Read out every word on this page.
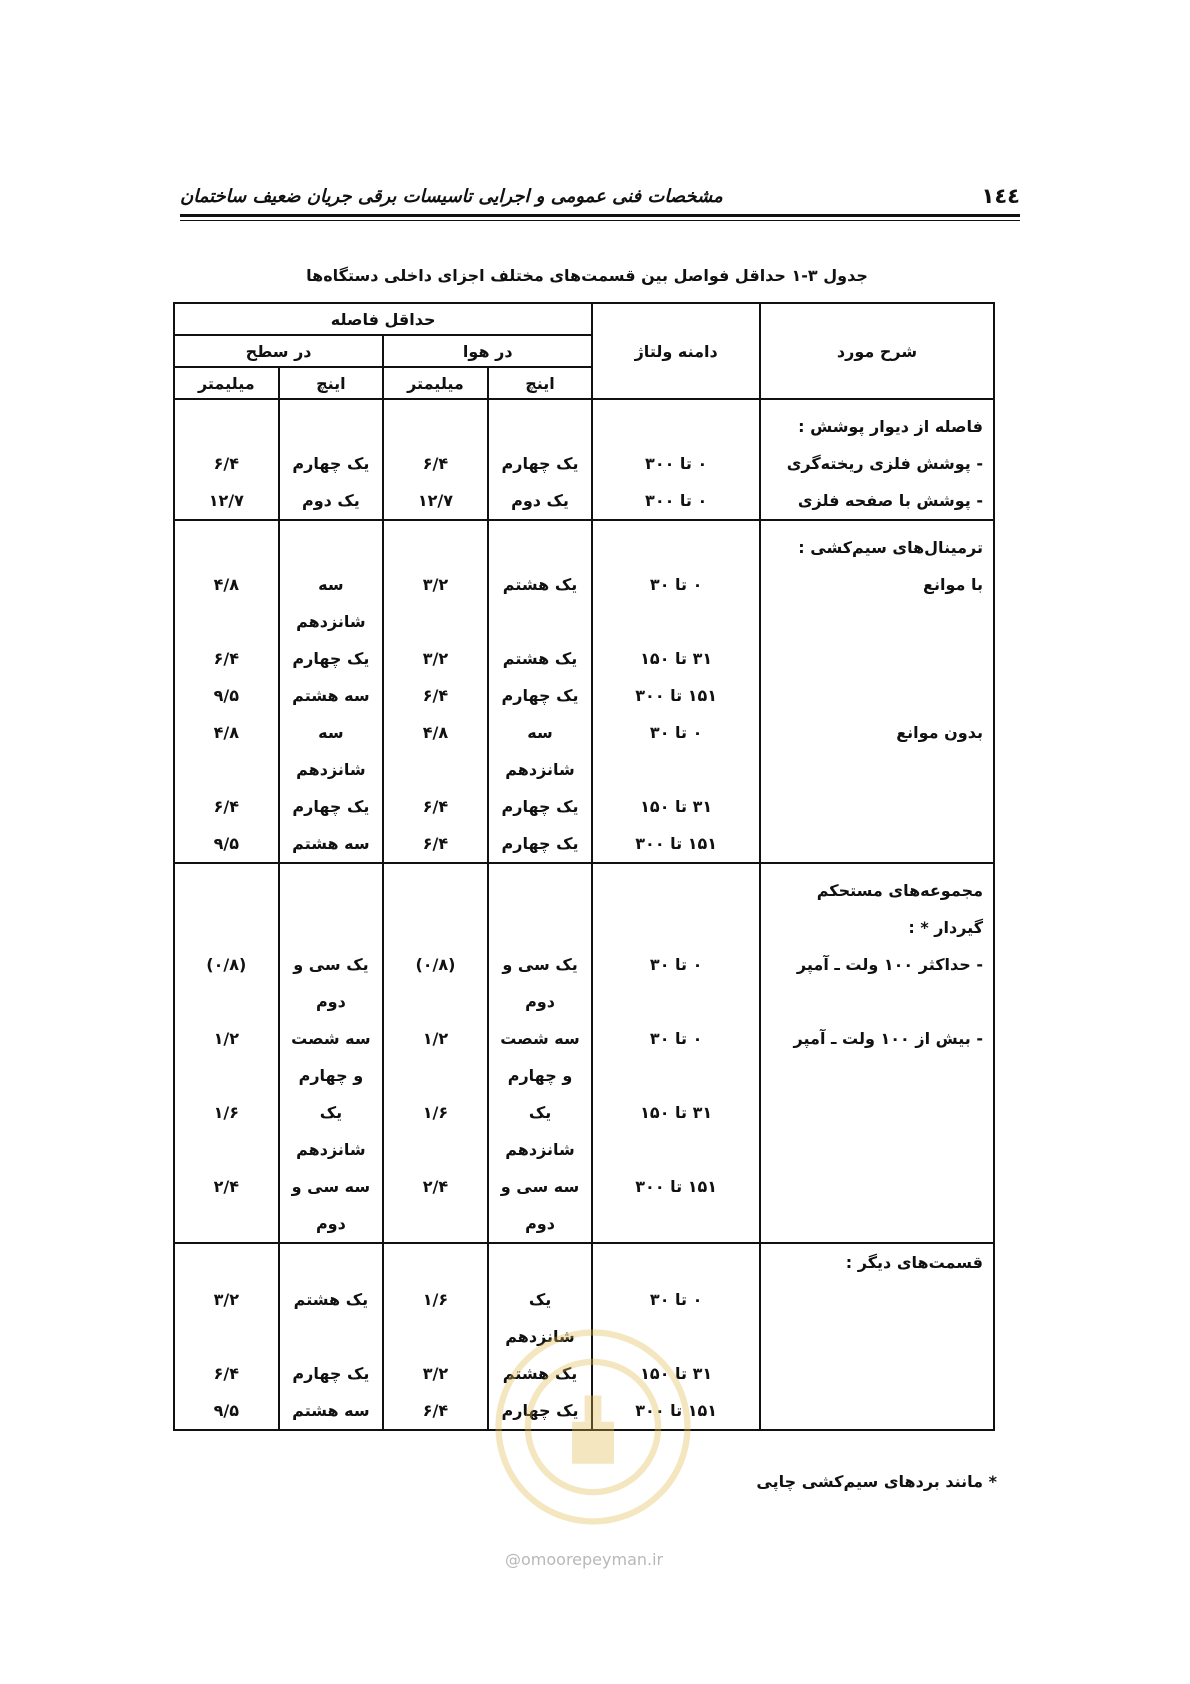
١٤٤
مشخصات فنی عمومی و اجرایی تاسیسات برقی جریان ضعیف ساختمان
جدول ۳-۱ حداقل فواصل بین قسمت‌های مختلف اجزای داخلی دستگاه‌ها
شرح مورد	دامنه ولتاژ	حداقل فاصله			
		در هوا		در سطح	
		اینچ	میلیمتر	اینچ	میلیمتر

فاصله از دیوار پوشش :					
- پوشش فلزی ریخته‌گری	۰ تا ۳۰۰	یک چهارم	۶/۴	یک چهارم	۶/۴
- پوشش با صفحه فلزی	۰ تا ۳۰۰	یک دوم	۱۲/۷	یک دوم	۱۲/۷

ترمینال‌های سیم‌کشی :					
با موانع	۰ تا ۳۰	یک هشتم	۳/۲	سه	۴/۸
				شانزدهم	
	۳۱ تا ۱۵۰	یک هشتم	۳/۲	یک چهارم	۶/۴
	۱۵۱ تا ۳۰۰	یک چهارم	۶/۴	سه هشتم	۹/۵
بدون موانع	۰ تا ۳۰	سه	۴/۸	سه	۴/۸
		شانزدهم		شانزدهم	
	۳۱ تا ۱۵۰	یک چهارم	۶/۴	یک چهارم	۶/۴
	۱۵۱ تا ۳۰۰	یک چهارم	۶/۴	سه هشتم	۹/۵

مجموعه‌های مستحکم					
گیردار * :					
- حداکثر ۱۰۰ ولت ـ آمپر	۰ تا ۳۰	یک سی و	(۰/۸)	یک سی و	(۰/۸)
		دوم		دوم	
- بیش از ۱۰۰ ولت ـ آمپر	۰ تا ۳۰	سه شصت	۱/۲	سه شصت	۱/۲
		و چهارم		و چهارم	
	۳۱ تا ۱۵۰	یک	۱/۶	یک	۱/۶
		شانزدهم		شانزدهم	
	۱۵۱ تا ۳۰۰	سه سی و	۲/۴	سه سی و	۲/۴
		دوم		دوم	
قسمت‌های دیگر :					
	۰ تا ۳۰	یک	۱/۶	یک هشتم	۳/۲
		شانزدهم			
	۳۱ تا ۱۵۰	یک هشتم	۳/۲	یک چهارم	۶/۴
	۱۵۱ تا ۳۰۰	یک چهارم	۶/۴	سه هشتم	۹/۵
* مانند بردهای سیم‌کشی چاپی
@omoorepeyman.ir
